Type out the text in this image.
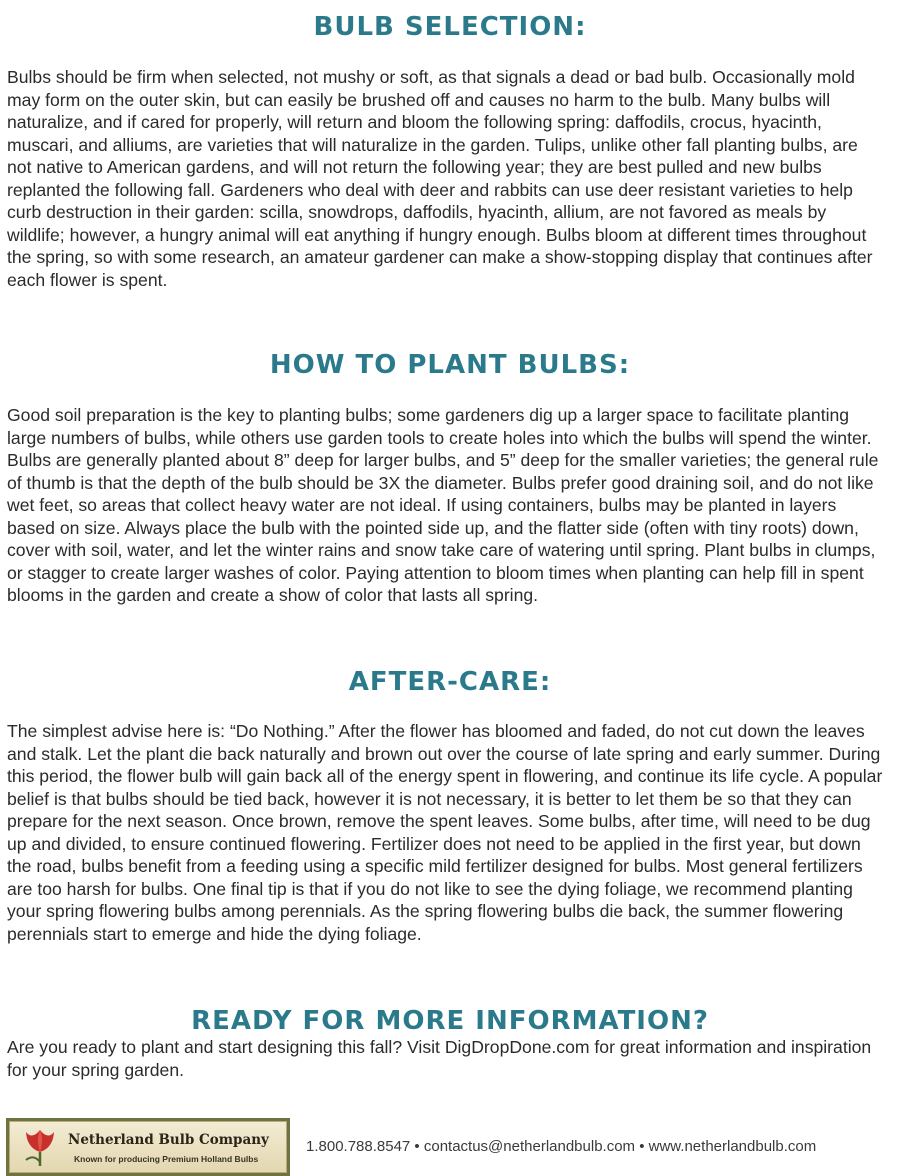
BULB SELECTION:

Bulbs should be firm when selected, not mushy or soft, as that signals a dead or bad bulb. Occasionally mold may form on the outer skin, but can easily be brushed off and causes no harm to the bulb. Many bulbs will naturalize, and if cared for properly, will return and bloom the following spring: daffodils, crocus, hyacinth, muscari, and alliums, are varieties that will naturalize in the garden. Tulips, unlike other fall planting bulbs, are not native to American gardens, and will not return the following year; they are best pulled and new bulbs replanted the following fall. Gardeners who deal with deer and rabbits can use deer resistant varieties to help curb destruction in their garden: scilla, snowdrops, daffodils, hyacinth, allium, are not favored as meals by wildlife; however, a hungry animal will eat anything if hungry enough. Bulbs bloom at different times throughout the spring, so with some research, an amateur gardener can make a show-stopping display that continues after each flower is spent.

HOW TO PLANT BULBS:

Good soil preparation is the key to planting bulbs; some gardeners dig up a larger space to facilitate planting large numbers of bulbs, while others use garden tools to create holes into which the bulbs will spend the winter. Bulbs are generally planted about 8” deep for larger bulbs, and 5” deep for the smaller varieties; the general rule of thumb is that the depth of the bulb should be 3X the diameter. Bulbs prefer good draining soil, and do not like wet feet, so areas that collect heavy water are not ideal. If using containers, bulbs may be planted in layers based on size. Always place the bulb with the pointed side up, and the flatter side (often with tiny roots) down, cover with soil, water, and let the winter rains and snow take care of watering until spring. Plant bulbs in clumps, or stagger to create larger washes of color. Paying attention to bloom times when planting can help fill in spent blooms in the garden and create a show of color that lasts all spring.

AFTER-CARE:

The simplest advise here is: “Do Nothing.” After the flower has bloomed and faded, do not cut down the leaves and stalk. Let the plant die back naturally and brown out over the course of late spring and early summer. During this period, the flower bulb will gain back all of the energy spent in flowering, and continue its life cycle. A popular belief is that bulbs should be tied back, however it is not necessary, it is better to let them be so that they can prepare for the next season. Once brown, remove the spent leaves. Some bulbs, after time, will need to be dug up and divided, to ensure continued flowering. Fertilizer does not need to be applied in the first year, but down the road, bulbs benefit from a feeding using a specific mild fertilizer designed for bulbs. Most general fertilizers are too harsh for bulbs. One final tip is that if you do not like to see the dying foliage, we recommend planting your spring flowering bulbs among perennials. As the spring flowering bulbs die back, the summer flowering perennials start to emerge and hide the dying foliage.

READY FOR MORE INFORMATION?

Are you ready to plant and start designing this fall? Visit DigDropDone.com for great information and inspiration for your spring garden.

Netherland Bulb Company
Known for producing Premium Holland Bulbs
1.800.788.8547 • contactus@netherlandbulb.com • www.netherlandbulb.com
